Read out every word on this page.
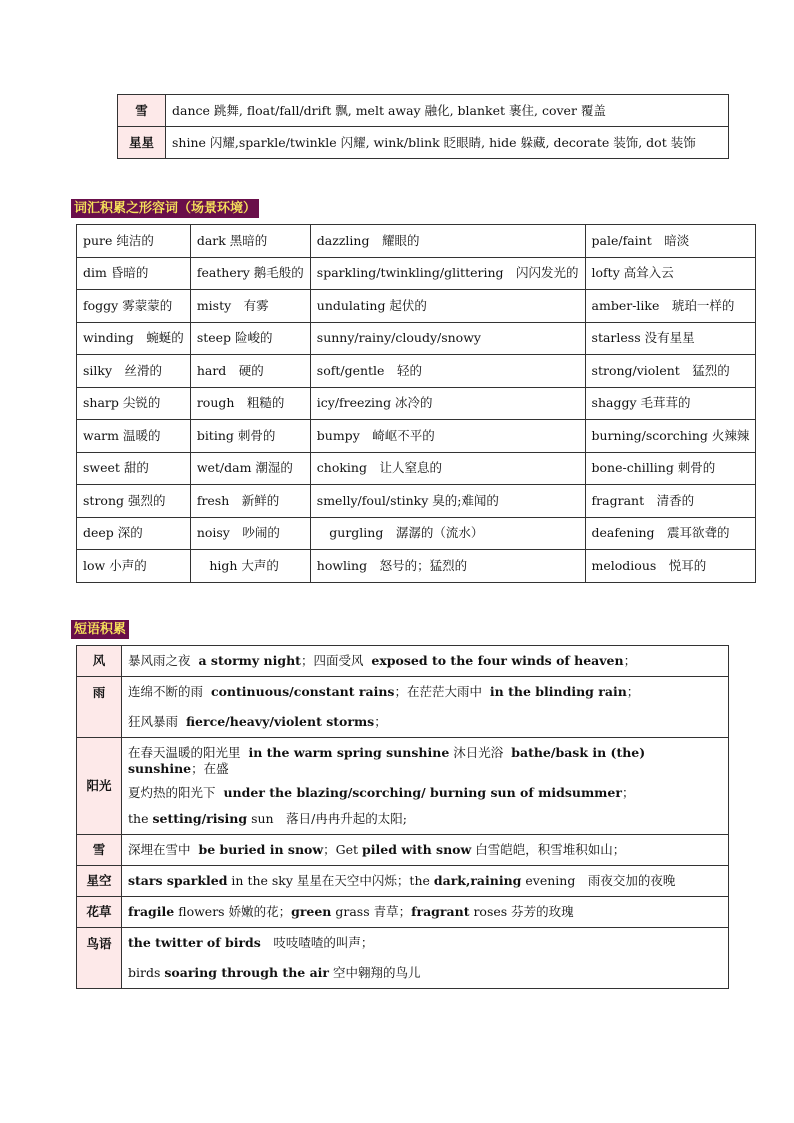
雪	dance 跳舞, float/fall/drift 飘, melt away 融化, blanket 裹住, cover 覆盖
星星	shine 闪耀,sparkle/twinkle 闪耀, wink/blink 眨眼睛, hide 躲藏, decorate 装饰, dot 装饰
词汇积累之形容词（场景环境）
pure 纯洁的	dark 黑暗的	dazzling　耀眼的	pale/faint　暗淡
dim 昏暗的	feathery 鹅毛般的	sparkling/twinkling/glittering　闪闪发光的	lofty 高耸入云
foggy 雾蒙蒙的	misty　有雾	undulating 起伏的	amber-like　琥珀一样的
winding　蜿蜒的	steep 险峻的	sunny/rainy/cloudy/snowy	starless 没有星星
silky　丝滑的	hard　硬的	soft/gentle　轻的	strong/violent　猛烈的
sharp 尖锐的	rough　粗糙的	icy/freezing 冰冷的	shaggy 毛茸茸的
warm 温暖的	biting 刺骨的	bumpy　崎岖不平的	burning/scorching 火辣辣
sweet 甜的	wet/dam 潮湿的	choking　让人窒息的	bone-chilling 刺骨的
strong 强烈的	fresh　新鲜的	smelly/foul/stinky 臭的;难闻的	fragrant　清香的
deep 深的	noisy　吵闹的	　gurgling　潺潺的（流水）	deafening　震耳欲聋的
low 小声的	　high 大声的	howling　怒号的；猛烈的	melodious　悦耳的
短语积累
风	暴风雨之夜 a stormy night；四面受风 exposed to the four winds of heaven；

雨	连绵不断的雨 continuous/constant rains；在茫茫大雨中 in the blinding rain；
狂风暴雨 fierce/heavy/violent storms；

阳光	在春天温暖的阳光里 in the warm spring sunshine 沐日光浴 bathe/bask in (the) sunshine；在盛
夏灼热的阳光下 under the blazing/scorching/ burning sun of midsummer；
the setting/rising sun　落日/冉冉升起的太阳;

雪	深埋在雪中 be buried in snow；Get piled with snow 白雪皑皑，积雪堆积如山；

星空	stars sparkled in the sky 星星在天空中闪烁；the dark,raining evening　雨夜交加的夜晚

花草	fragile flowers 娇嫩的花；green grass 青草；fragrant roses 芬芳的玫瑰

鸟语	the twitter of birds　吱吱喳喳的叫声；
birds soaring through the air 空中翱翔的鸟儿
